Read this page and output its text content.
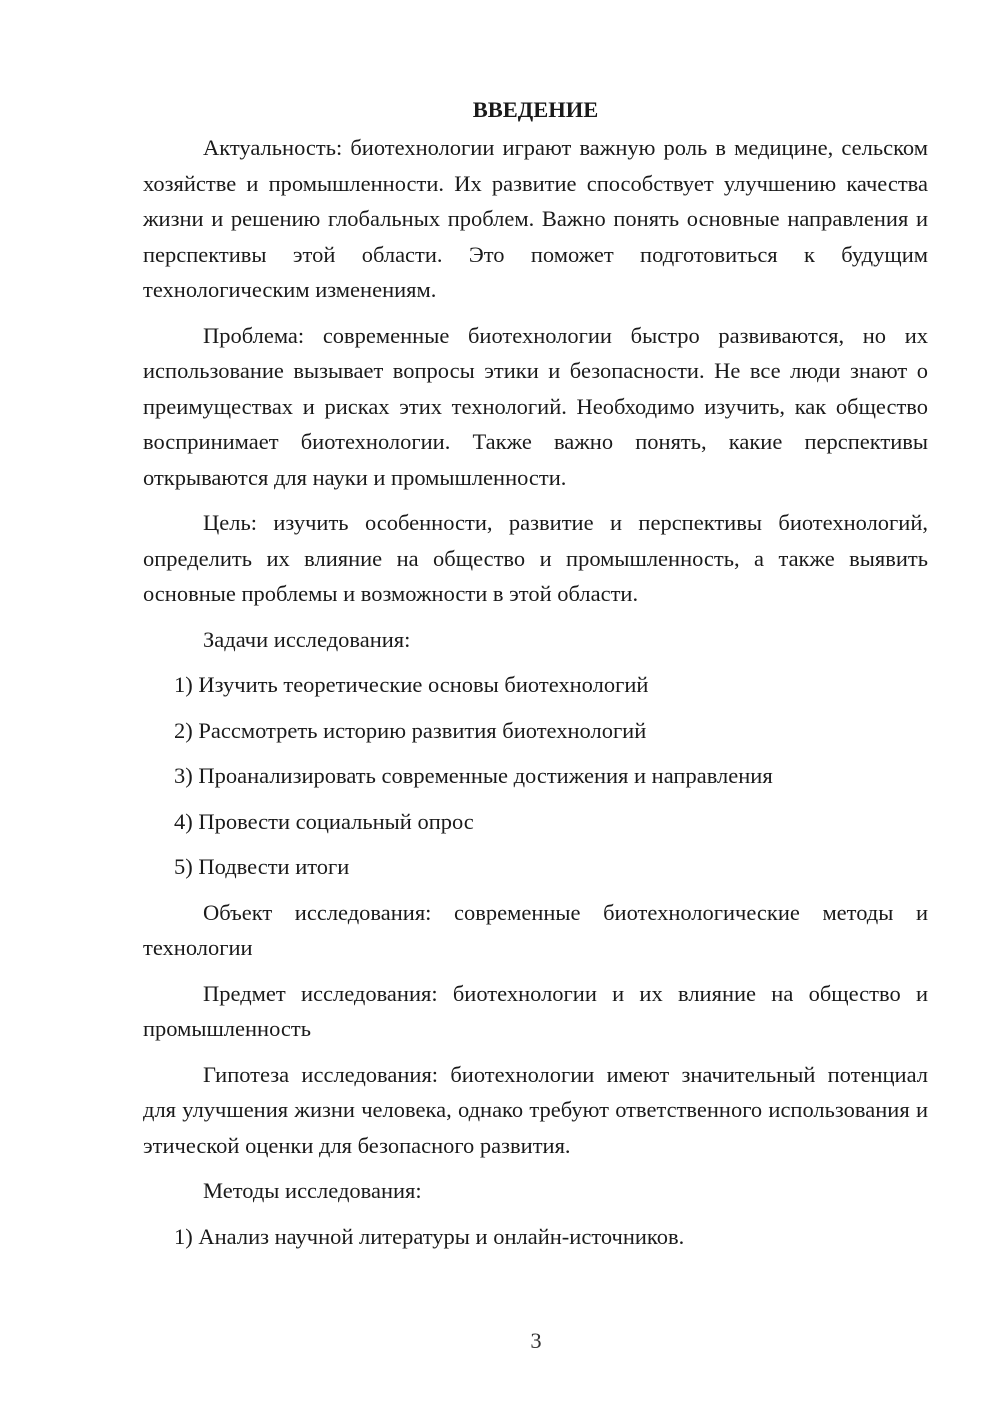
ВВЕДЕНИЕ

Актуальность: биотехнологии играют важную роль в медицине, сельском хозяйстве и промышленности. Их развитие способствует улучшению качества жизни и решению глобальных проблем. Важно понять основные направления и перспективы этой области. Это поможет подготовиться к будущим технологическим изменениям.

Проблема: современные биотехнологии быстро развиваются, но их использование вызывает вопросы этики и безопасности. Не все люди знают о преимуществах и рисках этих технологий. Необходимо изучить, как общество воспринимает биотехнологии. Также важно понять, какие перспективы открываются для науки и промышленности.

Цель: изучить особенности, развитие и перспективы биотехнологий, определить их влияние на общество и промышленность, а также выявить основные проблемы и возможности в этой области.

Задачи исследования:

1) Изучить теоретические основы биотехнологий
2) Рассмотреть историю развития биотехнологий
3) Проанализировать современные достижения и направления
4) Провести социальный опрос
5) Подвести итоги

Объект исследования: современные биотехнологические методы и технологии

Предмет исследования: биотехнологии и их влияние на общество и промышленность

Гипотеза исследования: биотехнологии имеют значительный потенциал для улучшения жизни человека, однако требуют ответственного использования и этической оценки для безопасного развития.

Методы исследования:

1) Анализ научной литературы и онлайн-источников.
3
